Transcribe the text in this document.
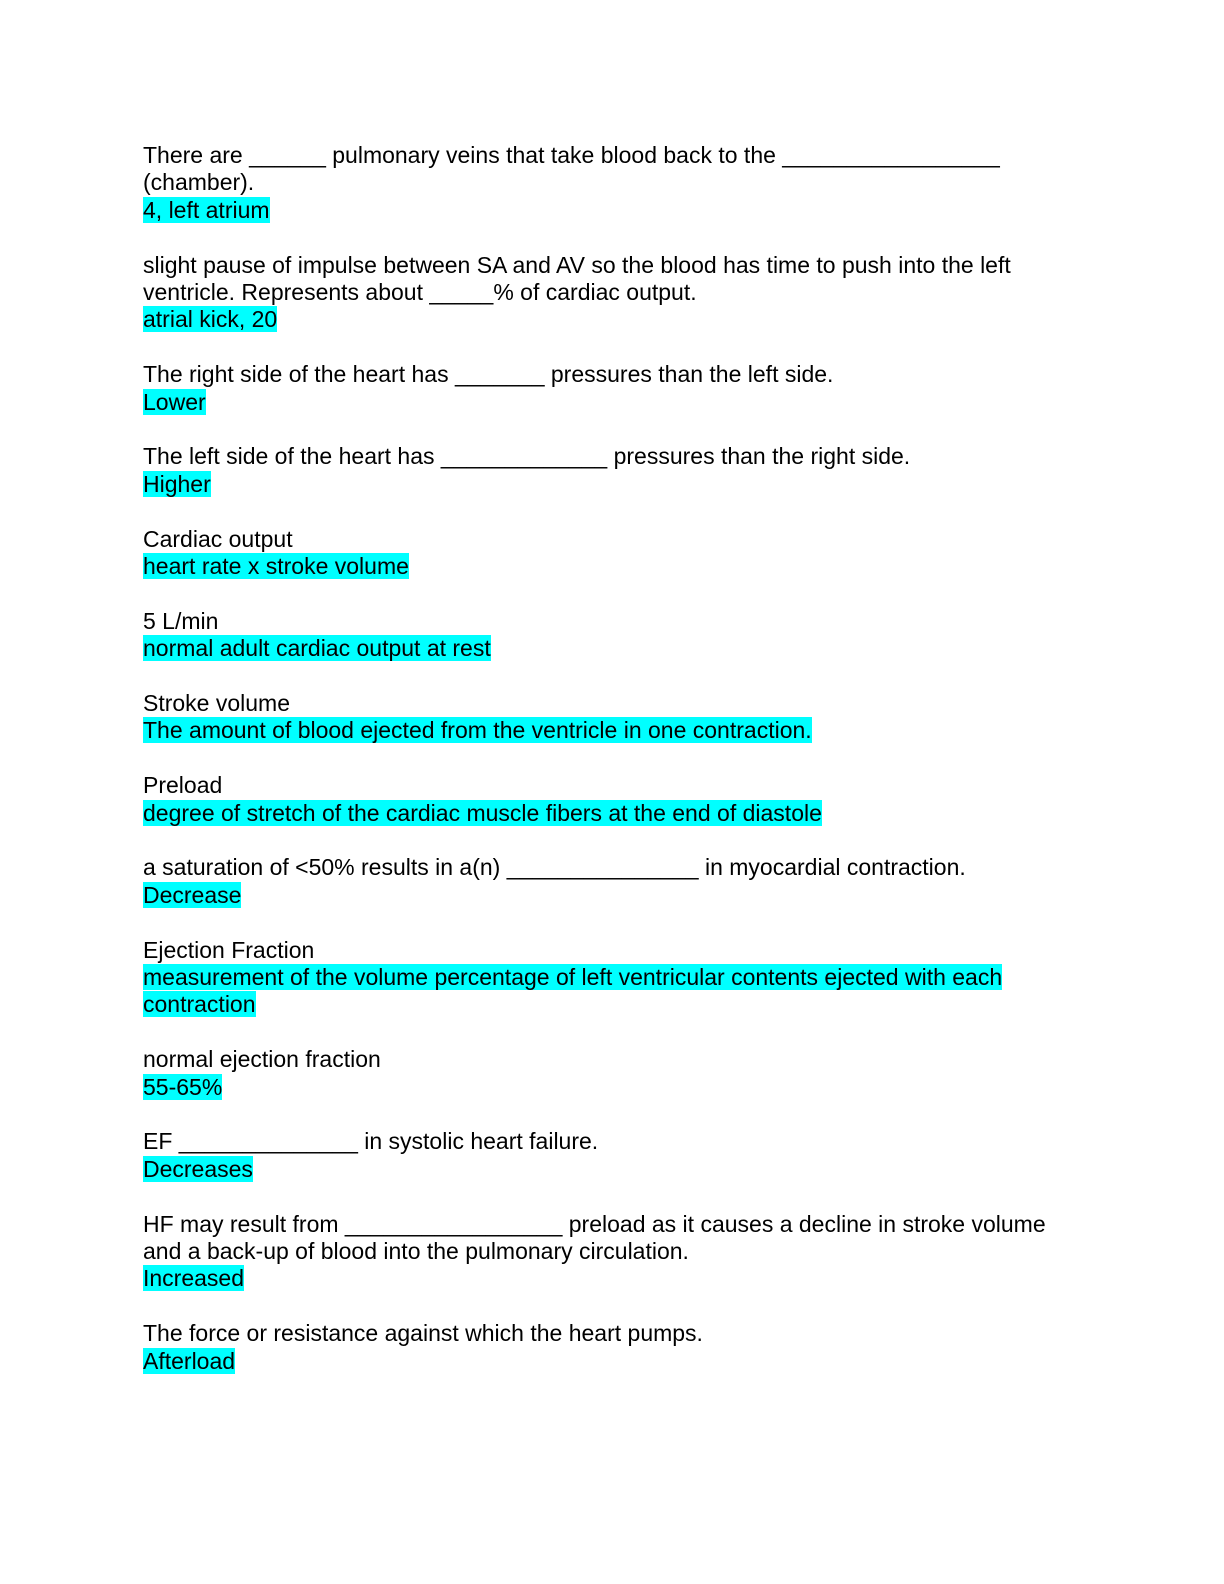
There are ______ pulmonary veins that take blood back to the _________________ (chamber).
4, left atrium
slight pause of impulse between SA and AV so the blood has time to push into the left ventricle. Represents about _____% of cardiac output.
atrial kick, 20
The right side of the heart has _______ pressures than the left side.
Lower
The left side of the heart has _____________ pressures than the right side.
Higher
Cardiac output
heart rate x stroke volume
5 L/min
normal adult cardiac output at rest
Stroke volume
The amount of blood ejected from the ventricle in one contraction.
Preload
degree of stretch of the cardiac muscle fibers at the end of diastole
a saturation of <50% results in a(n) _______________ in myocardial contraction.
Decrease
Ejection Fraction
measurement of the volume percentage of left ventricular contents ejected with each contraction
normal ejection fraction
55-65%
EF ______________ in systolic heart failure.
Decreases
HF may result from _________________ preload as it causes a decline in stroke volume and a back-up of blood into the pulmonary circulation.
Increased
The force or resistance against which the heart pumps.
Afterload
